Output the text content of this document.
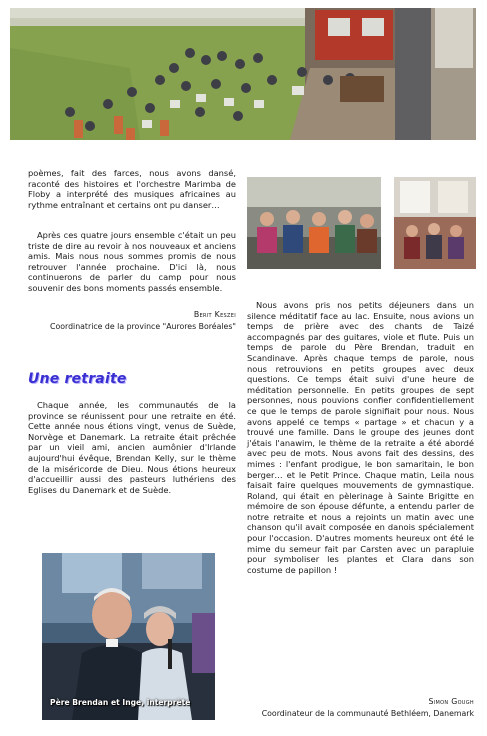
poèmes, fait des farces, nous avons dansé, raconté des histoires et l'orchestre Marimba de Floby a interprété des musiques africaines au rythme entraînant et certains ont pu danser…
Après ces quatre jours ensemble c'était un peu triste de dire au revoir à nos nouveaux et anciens amis. Mais nous nous sommes promis de nous retrouver l'année prochaine. D'ici là, nous continuerons de parler du camp pour nous souvenir des bons moments passés ensemble.
Berit Keszei
Coordinatrice de la province "Aurores Boréales"
Une retraite
Chaque année, les communautés de la province se réunissent pour une retraite en été. Cette année nous étions vingt, venus de Suède, Norvège et Danemark. La retraite était prêchée par un vieil ami, ancien aumônier d'Irlande aujourd'hui évêque, Brendan Kelly, sur le thème de la miséricorde de Dieu. Nous étions heureux d'accueillir aussi des pasteurs luthériens des Eglises du Danemark et de Suède.
Père Brendan et Inge, interprète
Nous avons pris nos petits déjeuners dans un silence méditatif face au lac. Ensuite, nous avions un temps de prière avec des chants de Taizé accompagnés par des guitares, viole et flute. Puis un temps de parole du Père Brendan, traduit en Scandinave. Après chaque temps de parole, nous nous retrouvions en petits groupes avec deux questions. Ce temps était suivi d'une heure de méditation personnelle. En petits groupes de sept personnes, nous pouvions confier confidentiellement ce que le temps de parole signifiait pour nous. Nous avons appelé ce temps « partage » et chacun y a trouvé une famille. Dans le groupe des jeunes dont j'étais l'anawim, le thème de la retraite a été abordé avec peu de mots. Nous avons fait des dessins, des mimes : l'enfant prodigue, le bon samaritain, le bon berger… et le Petit Prince. Chaque matin, Leila nous faisait faire quelques mouvements de gymnastique. Roland, qui était en pèlerinage à Sainte Brigitte en mémoire de son épouse défunte, a entendu parler de notre retraite et nous a rejoints un matin avec une chanson qu'il avait composée en danois spécialement pour l'occasion. D'autres moments heureux ont été le mime du semeur fait par Carsten avec un parapluie pour symboliser les plantes et Clara dans son costume de papillon !
Simon Gough
Coordinateur de la communauté Bethléem, Danemark
